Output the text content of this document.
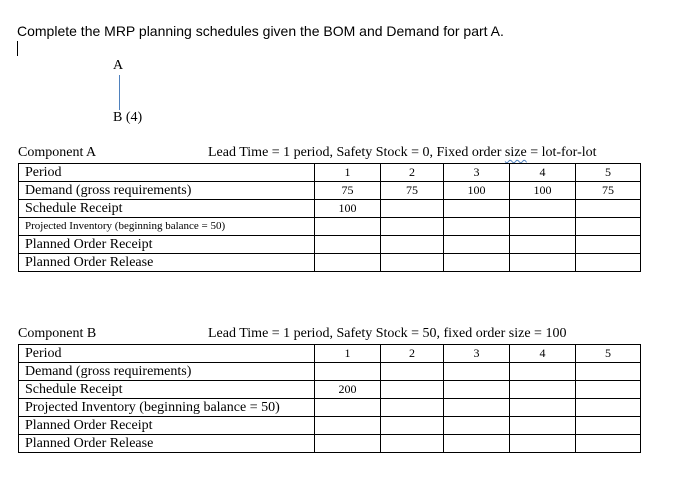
Complete the MRP planning schedules given the BOM and Demand for part A.
A
B (4)
Component A	Lead Time = 1 period, Safety Stock = 0, Fixed order size = lot-for-lot
Period	1	2	3	4	5
Demand (gross requirements)	75	75	100	100	75
Schedule Receipt	100				
Projected Inventory (beginning balance = 50)					
Planned Order Receipt					
Planned Order Release					
Component B	Lead Time = 1 period, Safety Stock = 50, fixed order size = 100
Period	1	2	3	4	5
Demand (gross requirements)					
Schedule Receipt	200				
Projected Inventory (beginning balance = 50)					
Planned Order Receipt					
Planned Order Release					
